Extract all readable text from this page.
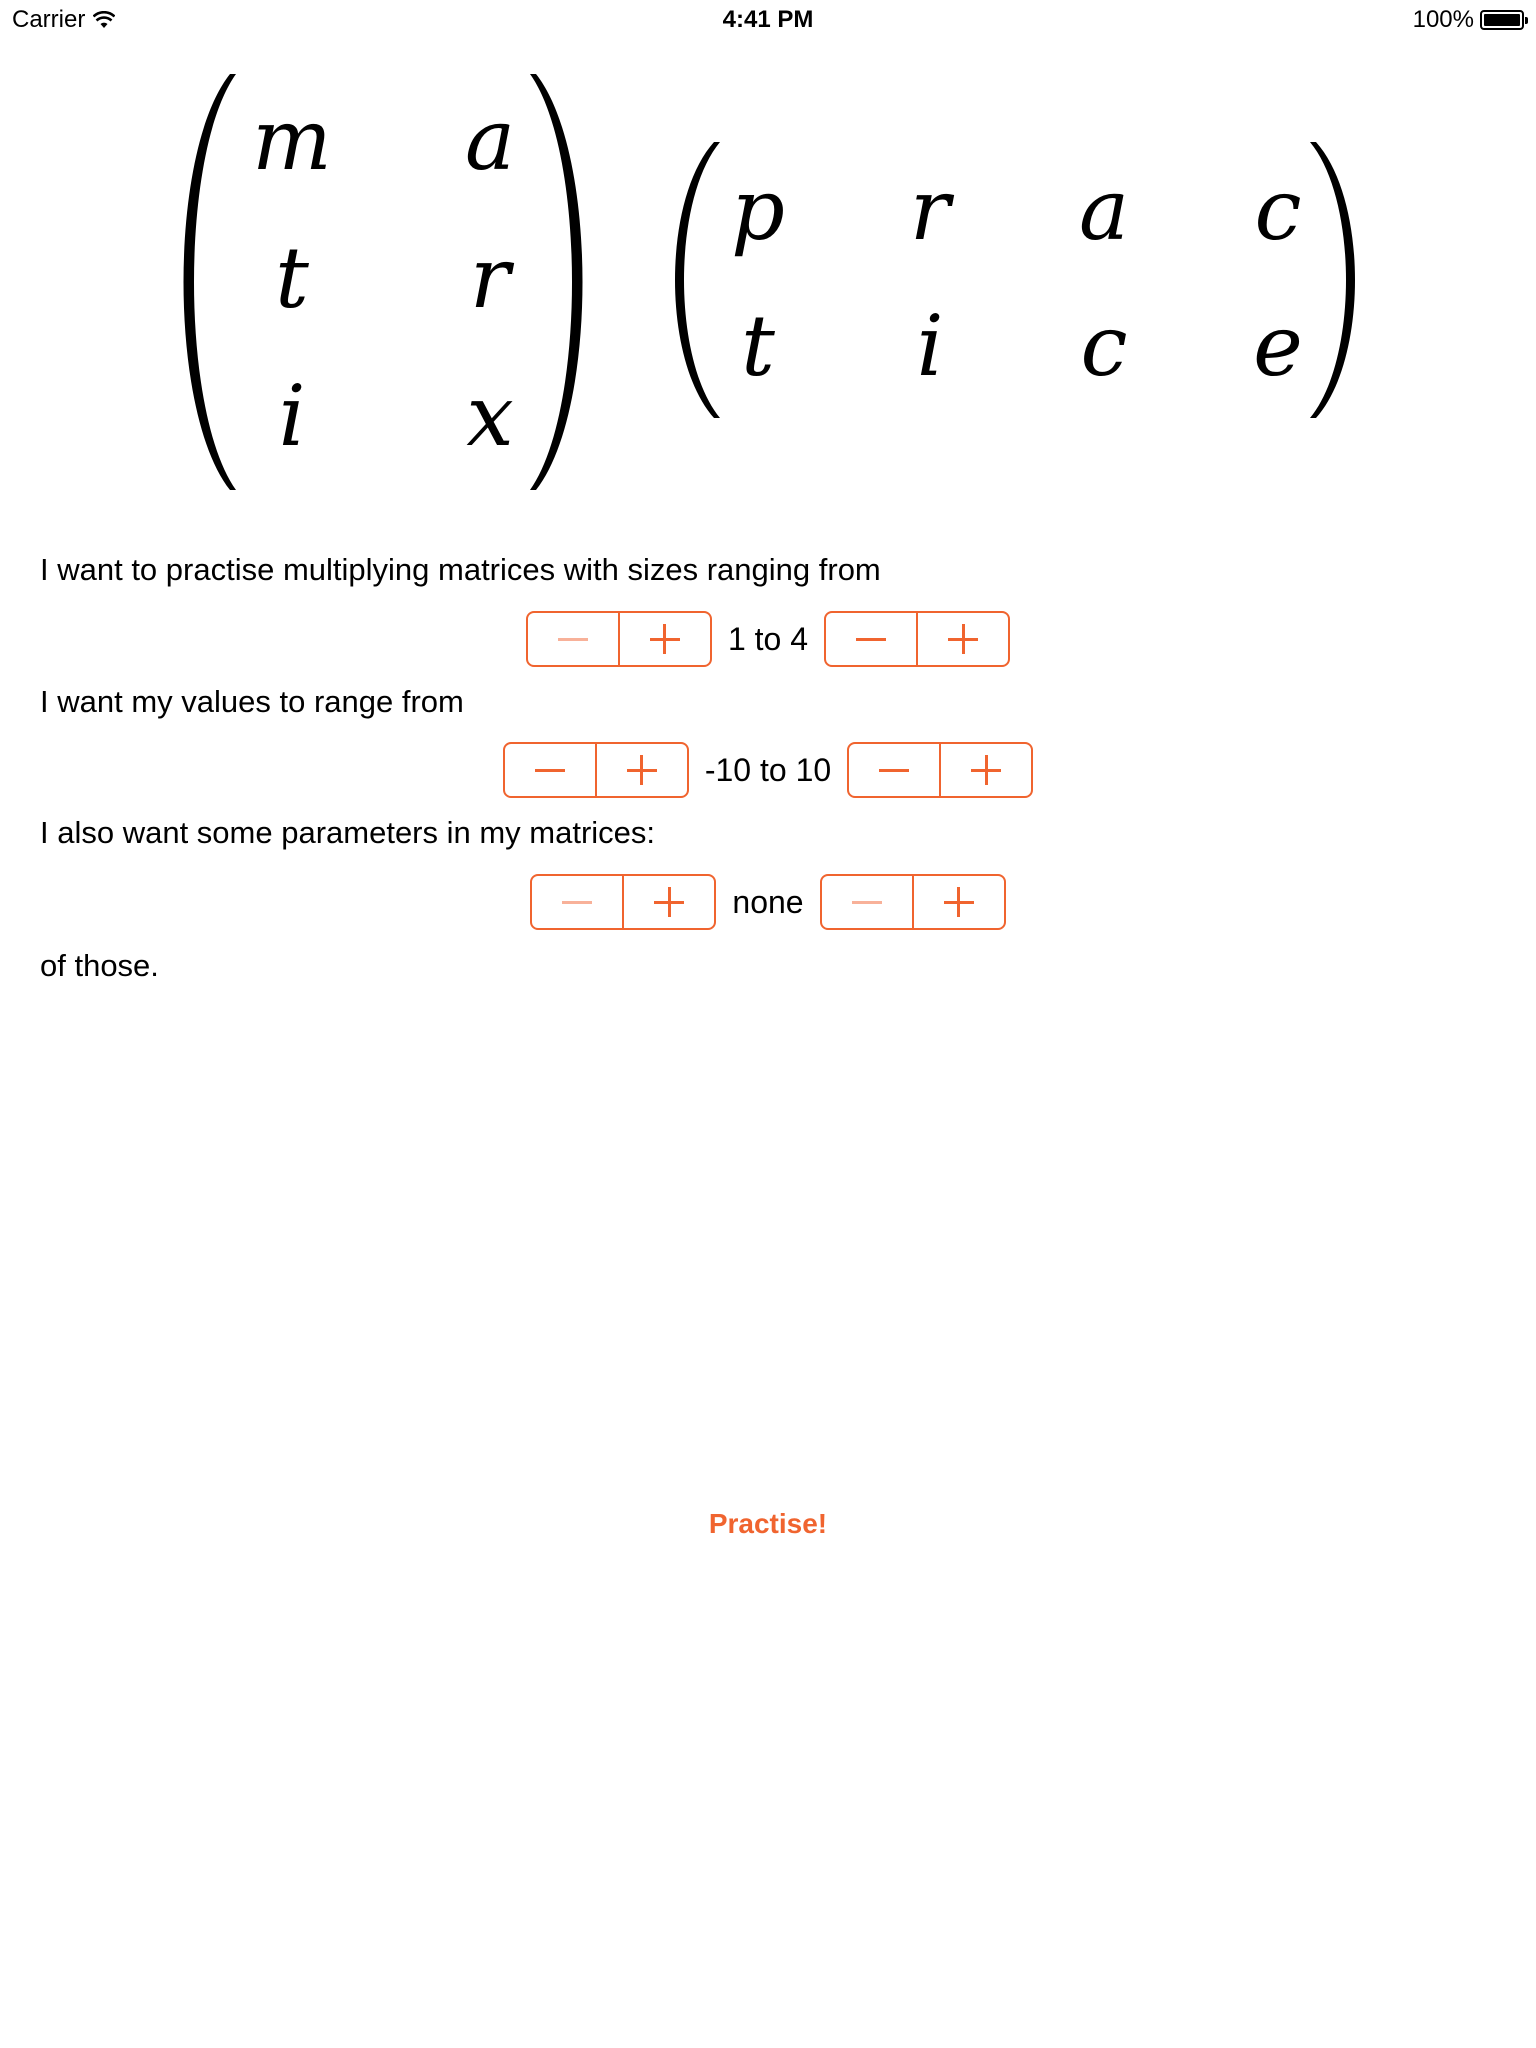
Carrier	4:41 PM	100%
m a
t r
i x
p r a c
t i c e
I want to practise multiplying matrices with sizes ranging from
1 to 4
I want my values to range from
-10 to 10
I also want some parameters in my matrices:
none
of those.
Practise!
